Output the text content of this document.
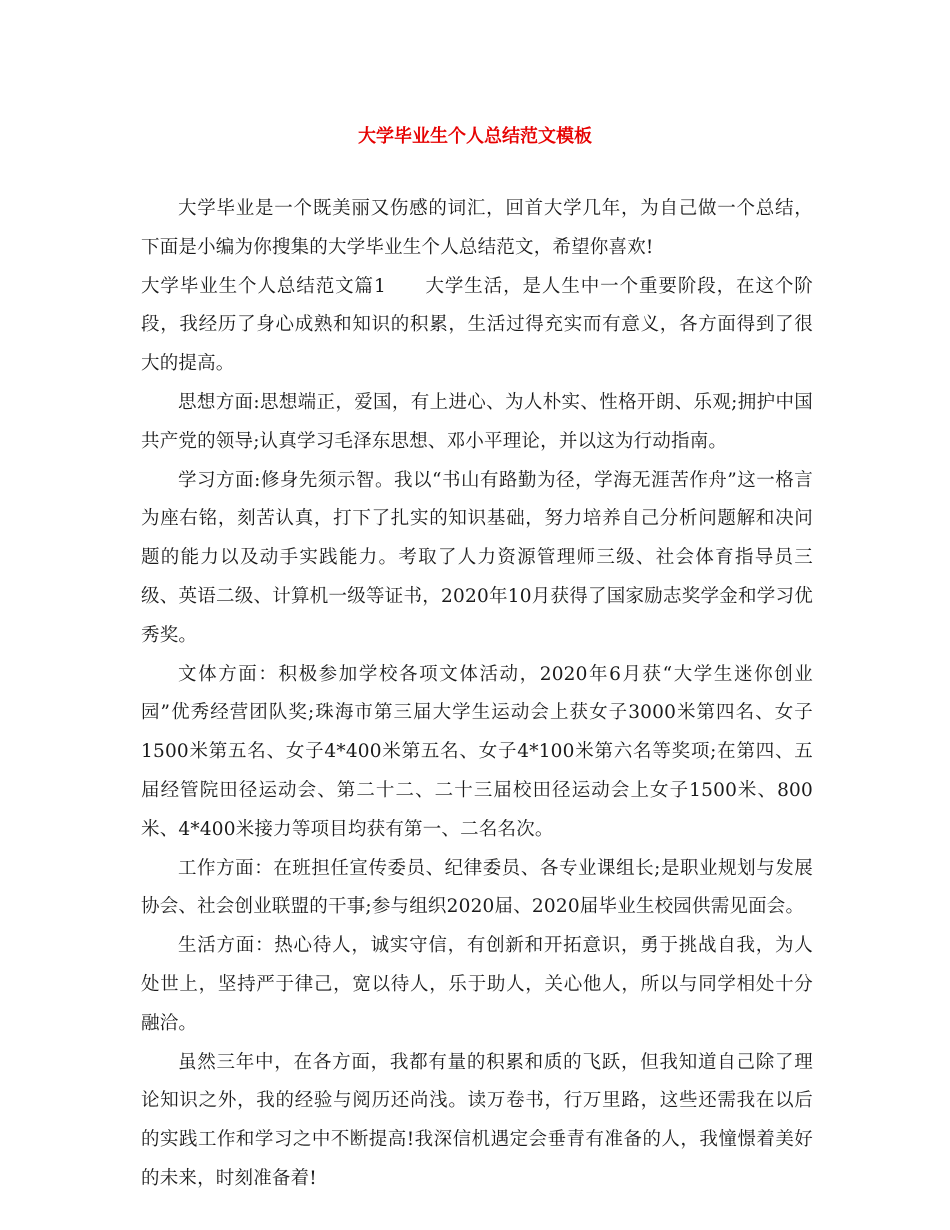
大学毕业生个人总结范文模板

大学毕业是一个既美丽又伤感的词汇，回首大学几年，为自己做一个总结，下面是小编为你搜集的大学毕业生个人总结范文，希望你喜欢!

大学毕业生个人总结范文篇1　　大学生活，是人生中一个重要阶段，在这个阶段，我经历了身心成熟和知识的积累，生活过得充实而有意义，各方面得到了很大的提高。

思想方面:思想端正，爱国，有上进心、为人朴实、性格开朗、乐观;拥护中国共产党的领导;认真学习毛泽东思想、邓小平理论，并以这为行动指南。

学习方面:修身先须示智。我以“书山有路勤为径，学海无涯苦作舟”这一格言为座右铭，刻苦认真，打下了扎实的知识基础，努力培养自己分析问题解和决问题的能力以及动手实践能力。考取了人力资源管理师三级、社会体育指导员三级、英语二级、计算机一级等证书，2020年10月获得了国家励志奖学金和学习优秀奖。

文体方面：积极参加学校各项文体活动，2020年6月获“大学生迷你创业园”优秀经营团队奖;珠海市第三届大学生运动会上获女子3000米第四名、女子1500米第五名、女子4*400米第五名、女子4*100米第六名等奖项;在第四、五届经管院田径运动会、第二十二、二十三届校田径运动会上女子1500米、800米、4*400米接力等项目均获有第一、二名名次。

工作方面：在班担任宣传委员、纪律委员、各专业课组长;是职业规划与发展协会、社会创业联盟的干事;参与组织2020届、2020届毕业生校园供需见面会。

生活方面：热心待人，诚实守信，有创新和开拓意识，勇于挑战自我，为人处世上，坚持严于律己，宽以待人，乐于助人，关心他人，所以与同学相处十分融洽。

虽然三年中，在各方面，我都有量的积累和质的飞跃，但我知道自己除了理论知识之外，我的经验与阅历还尚浅。读万卷书，行万里路，这些还需我在以后的实践工作和学习之中不断提高!我深信机遇定会垂青有准备的人，我憧憬着美好的未来，时刻准备着!
